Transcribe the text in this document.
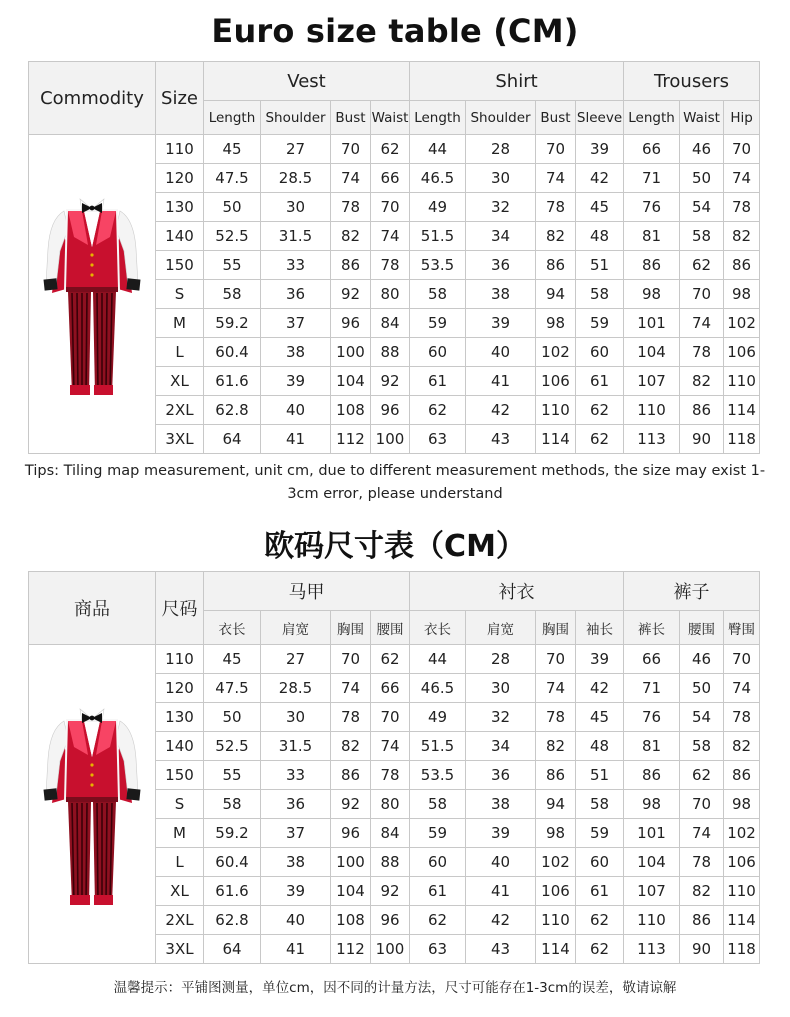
Euro size table (CM)
Commodity	Size	Vest				Shirt				Trousers		
		Length	Shoulder	Bust	Waist	Length	Shoulder	Bust	Sleeve	Length	Waist	Hip

	110	45	27	70	62	44	28	70	39	66	46	70
	120	47.5	28.5	74	66	46.5	30	74	42	71	50	74
	130	50	30	78	70	49	32	78	45	76	54	78
	140	52.5	31.5	82	74	51.5	34	82	48	81	58	82
	150	55	33	86	78	53.5	36	86	51	86	62	86
	S	58	36	92	80	58	38	94	58	98	70	98
	M	59.2	37	96	84	59	39	98	59	101	74	102
	L	60.4	38	100	88	60	40	102	60	104	78	106
	XL	61.6	39	104	92	61	41	106	61	107	82	110
	2XL	62.8	40	108	96	62	42	110	62	110	86	114
	3XL	64	41	112	100	63	43	114	62	113	90	118
Tips: Tiling map measurement, unit cm, due to different measurement methods, the size may exist 1-3cm error, please understand
欧码尺寸表（CM）
商品	尺码	马甲				衬衣				裤子		
		衣长	肩宽	胸围	腰围	衣长	肩宽	胸围	袖长	裤长	腰围	臀围

	110	45	27	70	62	44	28	70	39	66	46	70
	120	47.5	28.5	74	66	46.5	30	74	42	71	50	74
	130	50	30	78	70	49	32	78	45	76	54	78
	140	52.5	31.5	82	74	51.5	34	82	48	81	58	82
	150	55	33	86	78	53.5	36	86	51	86	62	86
	S	58	36	92	80	58	38	94	58	98	70	98
	M	59.2	37	96	84	59	39	98	59	101	74	102
	L	60.4	38	100	88	60	40	102	60	104	78	106
	XL	61.6	39	104	92	61	41	106	61	107	82	110
	2XL	62.8	40	108	96	62	42	110	62	110	86	114
	3XL	64	41	112	100	63	43	114	62	113	90	118
温馨提示：平铺图测量，单位cm，因不同的计量方法，尺寸可能存在1-3cm的误差，敬请谅解
